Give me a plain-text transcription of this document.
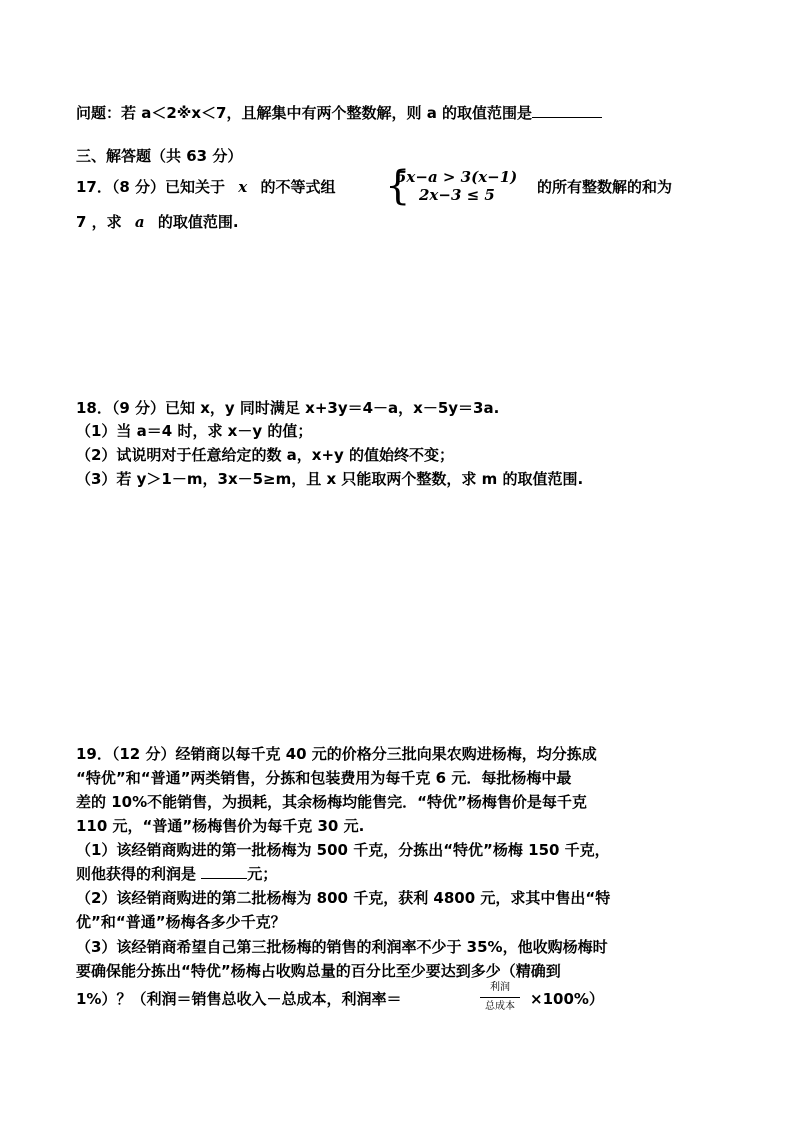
问题：若 a＜2※x＜7，且解集中有两个整数解，则 a 的取值范围是
三、解答题（共 63 分）
17．（8 分）已知关于 x 的不等式组 {
5x−a > 3(x−1)
2x−3 ≤ 5	的所有整数解的和为
7 ，求 a 的取值范围.
18．（9 分）已知 x，y 同时满足 x+3y＝4－a，x－5y＝3a.
（1）当 a＝4 时，求 x－y 的值；
（2）试说明对于任意给定的数 a，x+y 的值始终不变；
（3）若 y＞1－m，3x－5≥m，且 x 只能取两个整数，求 m 的取值范围.
19．（12 分）经销商以每千克 40 元的价格分三批向果农购进杨梅，均分拣成
“特优”和“普通”两类销售，分拣和包装费用为每千克 6 元．每批杨梅中最
差的 10%不能销售，为损耗，其余杨梅均能售完．“特优”杨梅售价是每千克
110 元，“普通”杨梅售价为每千克 30 元.
（1）该经销商购进的第一批杨梅为 500 千克，分拣出“特优”杨梅 150 千克，
则他获得的利润是	元；
（2）该经销商购进的第二批杨梅为 800 千克，获利 4800 元，求其中售出“特
优”和“普通”杨梅各多少千克？
（3）该经销商希望自己第三批杨梅的销售的利润率不少于 35%，他收购杨梅时
要确保能分拣出“特优”杨梅占收购总量的百分比至少要达到多少（精确到
1%）？（利润＝销售总收入－总成本，利润率＝
利润
总成本	×100%）
